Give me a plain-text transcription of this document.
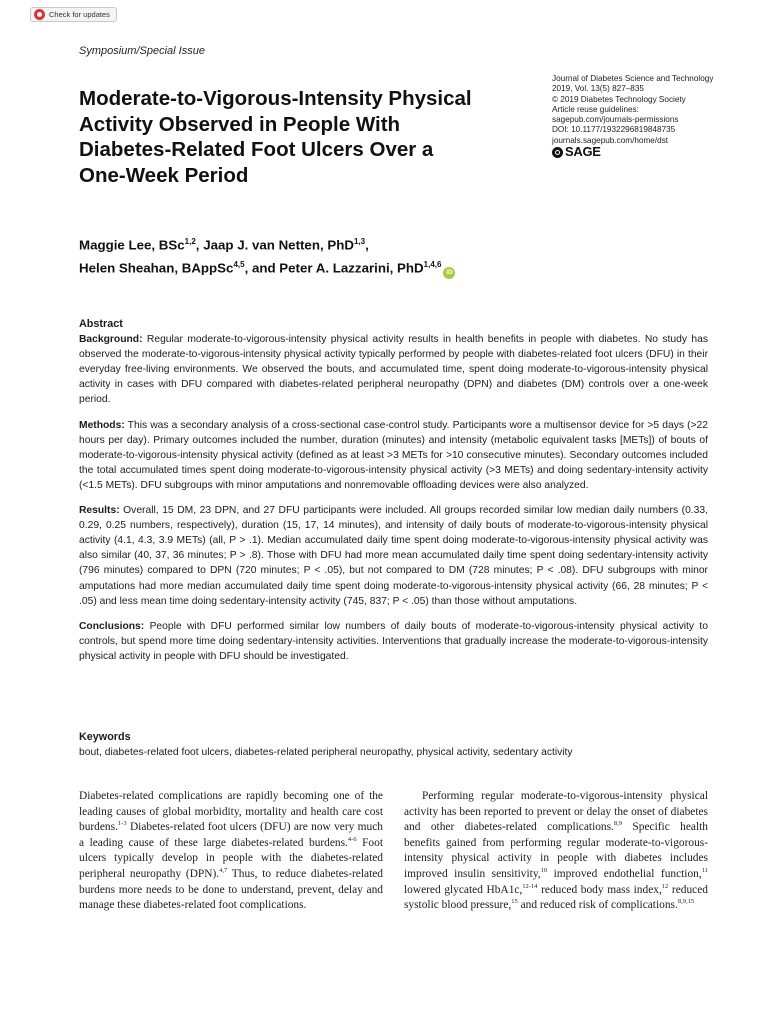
Check for updates
Symposium/Special Issue
Moderate-to-Vigorous-Intensity Physical Activity Observed in People With Diabetes-Related Foot Ulcers Over a One-Week Period
Journal of Diabetes Science and Technology
2019, Vol. 13(5) 827–835
© 2019 Diabetes Technology Society
Article reuse guidelines:
sagepub.com/journals-permissions
DOI: 10.1177/1932296819848735
journals.sagepub.com/home/dst
SAGE
Maggie Lee, BSc$^{1,2}$, Jaap J. van Netten, PhD$^{1,3}$,
Helen Sheahan, BAppSc$^{4,5}$, and Peter A. Lazzarini, PhD$^{1,4,6}$iD
Abstract

Background: Regular moderate-to-vigorous-intensity physical activity results in health benefits in people with diabetes. No study has observed the moderate-to-vigorous-intensity physical activity typically performed by people with diabetes-related foot ulcers (DFU) in their everyday free-living environments. We observed the bouts, and accumulated time, spent doing moderate-to-vigorous-intensity physical activity in cases with DFU compared with diabetes-related peripheral neuropathy (DPN) and diabetes (DM) controls over a one-week period.

Methods: This was a secondary analysis of a cross-sectional case-control study. Participants wore a multisensor device for >5 days (>22 hours per day). Primary outcomes included the number, duration (minutes) and intensity (metabolic equivalent tasks [METs]) of bouts of moderate-to-vigorous-intensity physical activity (defined as at least >3 METs for >10 consecutive minutes). Secondary outcomes included the total accumulated times spent doing moderate-to-vigorous-intensity physical activity (>3 METs) and doing sedentary-intensity activity (<1.5 METs). DFU subgroups with minor amputations and nonremovable offloading devices were also analyzed.

Results: Overall, 15 DM, 23 DPN, and 27 DFU participants were included. All groups recorded similar low median daily numbers (0.33, 0.29, 0.25 numbers, respectively), duration (15, 17, 14 minutes), and intensity of daily bouts of moderate-to-vigorous-intensity physical activity (4.1, 4.3, 3.9 METs) (all, P > .1). Median accumulated daily time spent doing moderate-to-vigorous-intensity physical activity was also similar (40, 37, 36 minutes; P > .8). Those with DFU had more mean accumulated daily time spent doing sedentary-intensity activity (796 minutes) compared to DPN (720 minutes; P < .05), but not compared to DM (728 minutes; P < .08). DFU subgroups with minor amputations had more median accumulated daily time spent doing moderate-to-vigorous-intensity physical activity (66, 28 minutes; P < .05) and less mean time doing sedentary-intensity activity (745, 837; P < .05) than those without amputations.

Conclusions: People with DFU performed similar low numbers of daily bouts of moderate-to-vigorous-intensity physical activity to controls, but spend more time doing sedentary-intensity activities. Interventions that gradually increase the moderate-to-vigorous-intensity physical activity in people with DFU should be investigated.

Keywords
bout, diabetes-related foot ulcers, diabetes-related peripheral neuropathy, physical activity, sedentary activity
Diabetes-related complications are rapidly becoming one of the leading causes of global morbidity, mortality and health care cost burdens.$^{1-3}$ Diabetes-related foot ulcers (DFU) are now very much a leading cause of these large diabetes-related burdens.$^{4-6}$ Foot ulcers typically develop in people with the diabetes-related peripheral neuropathy (DPN).$^{4,7}$ Thus, to reduce diabetes-related burdens more needs to be done to understand, prevent, delay and manage these diabetes-related foot complications.
Performing regular moderate-to-vigorous-intensity physical activity has been reported to prevent or delay the onset of diabetes and other diabetes-related complications.$^{8,9}$ Specific health benefits gained from performing regular moderate-to-vigorous-intensity physical activity in people with diabetes includes improved insulin sensitivity,$^{10}$ improved endothelial function,$^{11}$ lowered glycated HbA1c,$^{12-14}$ reduced body mass index,$^{12}$ reduced systolic blood pressure,$^{15}$ and reduced risk of complications.$^{8,9,15}$
